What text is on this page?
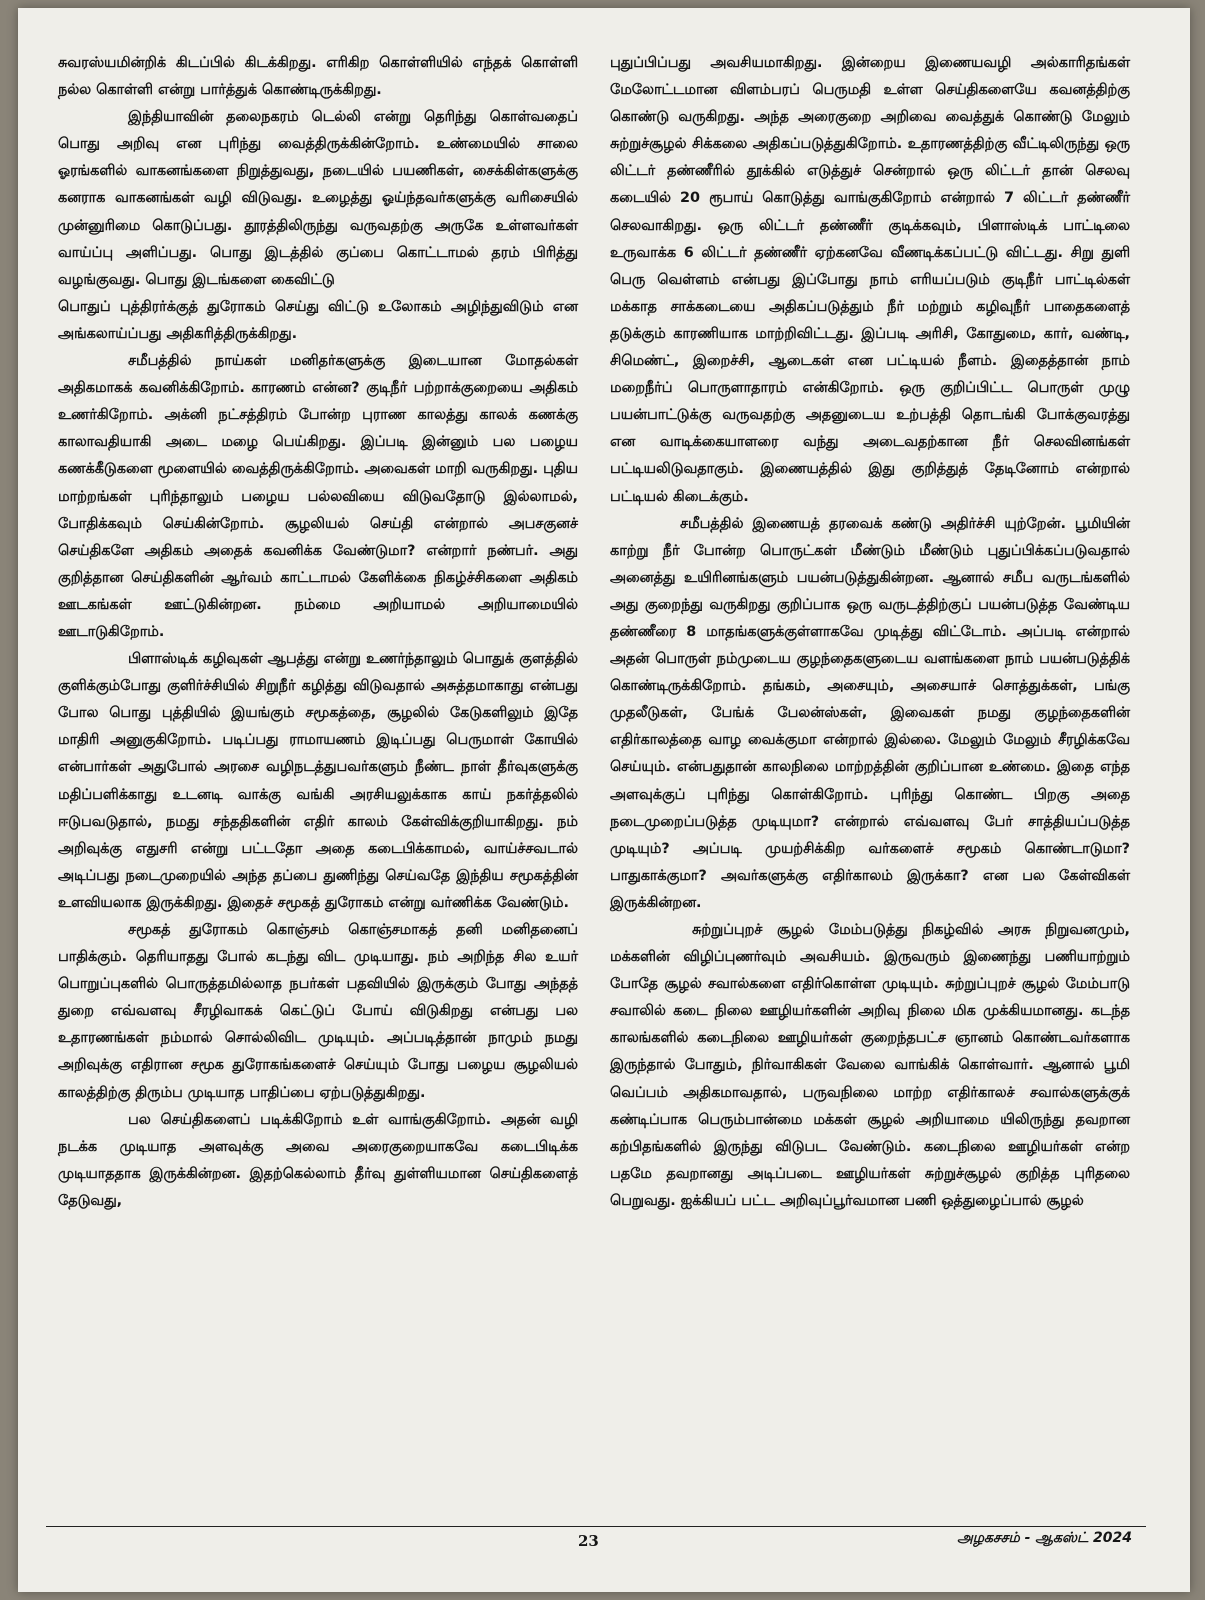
சுவரஸ்யமின்றிக் கிடப்பில் கிடக்கிறது. எரிகிற கொள்ளியில் எந்தக் கொள்ளி நல்ல கொள்ளி என்று பார்த்துக் கொண்டிருக்கிறது.

இந்தியாவின் தலைநகரம் டெல்லி என்று தெரிந்து கொள்வதைப் பொது அறிவு என புரிந்து வைத்திருக்கின்றோம். உண்மையில் சாலை ஓரங்களில் வாகனங்களை நிறுத்துவது, நடையில் பயணிகள், சைக்கிள்களுக்கு கனராக வாகனங்கள் வழி விடுவது. உழைத்து ஓய்ந்தவர்களுக்கு வரிசையில் முன்னுரிமை கொடுப்பது. தூரத்திலிருந்து வருவதற்கு அருகே உள்ளவர்கள் வாய்ப்பு அளிப்பது. பொது இடத்தில் குப்பை கொட்டாமல் தரம் பிரித்து வழங்குவது. பொது இடங்களை கைவிட்டு

பொதுப் புத்திரர்க்குத் துரோகம் செய்து விட்டு உலோகம் அழிந்துவிடும் என அங்கலாய்ப்பது அதிகரித்திருக்கிறது.

சமீபத்தில் நாய்கள் மனிதர்களுக்கு இடையான மோதல்கள் அதிகமாகக் கவனிக்கிறோம். காரணம் என்ன? குடிநீர் பற்றாக்குறையை அதிகம் உணர்கிறோம். அக்னி நட்சத்திரம் போன்ற புராண காலத்து காலக் கணக்கு காலாவதியாகி அடை மழை பெய்கிறது. இப்படி இன்னும் பல பழைய கணக்கீடுகளை மூளையில் வைத்திருக்கிறோம். அவைகள் மாறி வருகிறது. புதிய மாற்றங்கள் புரிந்தாலும் பழைய பல்லவியை விடுவதோடு இல்லாமல், போதிக்கவும் செய்கின்றோம். சூழலியல் செய்தி என்றால் அபசகுனச் செய்திகளே அதிகம் அதைக் கவனிக்க வேண்டுமா? என்றார் நண்பர். அது குறித்தான செய்திகளின் ஆர்வம் காட்டாமல் கேளிக்கை நிகழ்ச்சிகளை அதிகம் ஊடகங்கள் ஊட்டுகின்றன. நம்மை அறியாமல் அறியாமையில் ஊடாடுகிறோம்.

பிளாஸ்டிக் கழிவுகள் ஆபத்து என்று உணர்ந்தாலும் பொதுக் குளத்தில் குளிக்கும்போது குளிர்ச்சியில் சிறுநீர் கழித்து விடுவதால் அசுத்தமாகாது என்பது போல பொது புத்தியில் இயங்கும் சமூகத்தை, சூழலில் கேடுகளிலும் இதே மாதிரி அனுகுகிறோம். படிப்பது ராமாயணம் இடிப்பது பெருமாள் கோயில் என்பார்கள் அதுபோல் அரசை வழிநடத்துபவர்களும் நீண்ட நாள் தீர்வுகளுக்கு மதிப்பளிக்காது உடனடி வாக்கு வங்கி அரசியலுக்காக காய் நகர்த்தலில் ஈடுபவடுதால், நமது சந்ததிகளின் எதிர் காலம் கேள்விக்குறியாகிறது. நம் அறிவுக்கு எதுசரி என்று பட்டதோ அதை கடைபிக்காமல், வாய்ச்சவடால் அடிப்பது நடைமுறையில் அந்த தப்பை துணிந்து செய்வதே இந்திய சமூகத்தின் உளவியலாக இருக்கிறது. இதைச் சமூகத் துரோகம் என்று வர்ணிக்க வேண்டும்.

சமூகத் துரோகம் கொஞ்சம் கொஞ்சமாகத் தனி மனிதனைப் பாதிக்கும். தெரியாதது போல் கடந்து விட முடியாது. நம் அறிந்த சில உயர் பொறுப்புகளில் பொருத்தமில்லாத நபர்கள் பதவியில் இருக்கும் போது அந்தத் துறை எவ்வளவு சீரழிவாகக் கெட்டுப் போய் விடுகிறது என்பது பல உதாரணங்கள் நம்மால் சொல்லிவிட முடியும். அப்படித்தான் நாமும் நமது அறிவுக்கு எதிரான சமூக துரோகங்களைச் செய்யும் போது பழைய சூழலியல் காலத்திற்கு திரும்ப முடியாத பாதிப்பை ஏற்படுத்துகிறது.

பல செய்திகளைப் படிக்கிறோம் உள் வாங்குகிறோம். அதன் வழி நடக்க முடியாத அளவுக்கு அவை அரைகுறையாகவே கடைபிடிக்க முடியாததாக இருக்கின்றன. இதற்கெல்லாம் தீர்வு துள்ளியமான செய்திகளைத் தேடுவது,

புதுப்பிப்பது அவசியமாகிறது. இன்றைய இணையவழி அல்காரிதங்கள் மேலோட்டமான விளம்பரப் பெருமதி உள்ள செய்திகளையே கவனத்திற்கு கொண்டு வருகிறது. அந்த அரைகுறை அறிவை வைத்துக் கொண்டு மேலும் சுற்றுச்சூழல் சிக்கலை அதிகப்படுத்துகிறோம். உதாரணத்திற்கு வீட்டிலிருந்து ஒரு லிட்டர் தண்ணீரில் தூக்கில் எடுத்துச் சென்றால் ஒரு லிட்டர் தான் செலவு கடையில் 20 ரூபாய் கொடுத்து வாங்குகிறோம் என்றால் 7 லிட்டர் தண்ணீர் செலவாகிறது. ஒரு லிட்டர் தண்ணீர் குடிக்கவும், பிளாஸ்டிக் பாட்டிலை உருவாக்க 6 லிட்டர் தண்ணீர் ஏற்கனவே வீணடிக்கப்பட்டு விட்டது. சிறு துளி பெரு வெள்ளம் என்பது இப்போது நாம் எரியப்படும் குடிநீர் பாட்டில்கள் மக்காத சாக்கடையை அதிகப்படுத்தும் நீர் மற்றும் கழிவுநீர் பாதைகளைத் தடுக்கும் காரணியாக மாற்றிவிட்டது. இப்படி அரிசி, கோதுமை, கார், வண்டி, சிமெண்ட், இறைச்சி, ஆடைகள் என பட்டியல் நீளம். இதைத்தான் நாம் மறைநீர்ப் பொருளாதாரம் என்கிறோம். ஒரு குறிப்பிட்ட பொருள் முழு பயன்பாட்டுக்கு வருவதற்கு அதனுடைய உற்பத்தி தொடங்கி போக்குவரத்து என வாடிக்கையாளரை வந்து அடைவதற்கான நீர் செலவினங்கள் பட்டியலிடுவதாகும். இணையத்தில் இது குறித்துத் தேடினோம் என்றால் பட்டியல் கிடைக்கும்.

சமீபத்தில் இணையத் தரவைக் கண்டு அதிர்ச்சி யுற்றேன். பூமியின் காற்று நீர் போன்ற பொருட்கள் மீண்டும் மீண்டும் புதுப்பிக்கப்படுவதால் அனைத்து உயிரினங்களும் பயன்படுத்துகின்றன. ஆனால் சமீப வருடங்களில் அது குறைந்து வருகிறது குறிப்பாக ஒரு வருடத்திற்குப் பயன்படுத்த வேண்டிய தண்ணீரை 8 மாதங்களுக்குள்ளாகவே முடித்து விட்டோம். அப்படி என்றால் அதன் பொருள் நம்முடைய குழந்தைகளுடைய வளங்களை நாம் பயன்படுத்திக் கொண்டிருக்கிறோம். தங்கம், அசையும், அசையாச் சொத்துக்கள், பங்கு முதலீடுகள், பேங்க் பேலன்ஸ்கள், இவைகள் நமது குழந்தைகளின் எதிர்காலத்தை வாழ வைக்குமா என்றால் இல்லை. மேலும் மேலும் சீரழிக்கவே செய்யும். என்பதுதான் காலநிலை மாற்றத்தின் குறிப்பான உண்மை. இதை எந்த அளவுக்குப் புரிந்து கொள்கிறோம். புரிந்து கொண்ட பிறகு அதை நடைமுறைப்படுத்த முடியுமா? என்றால் எவ்வளவு பேர் சாத்தியப்படுத்த முடியும்? அப்படி முயற்சிக்கிற வர்களைச் சமூகம் கொண்டாடுமா? பாதுகாக்குமா? அவர்களுக்கு எதிர்காலம் இருக்கா? என பல கேள்விகள் இருக்கின்றன.

சுற்றுப்புறச் சூழல் மேம்படுத்து நிகழ்வில் அரசு நிறுவனமும், மக்களின் விழிப்புணர்வும் அவசியம். இருவரும் இணைந்து பணியாற்றும் போதே சூழல் சவால்களை எதிர்கொள்ள முடியும். சுற்றுப்புறச் சூழல் மேம்பாடு சவாலில் கடை நிலை ஊழியர்களின் அறிவு நிலை மிக முக்கியமானது. கடந்த காலங்களில் கடைநிலை ஊழியர்கள் குறைந்தபட்ச ஞானம் கொண்டவர்களாக இருந்தால் போதும், நிர்வாகிகள் வேலை வாங்கிக் கொள்வார். ஆனால் பூமி வெப்பம் அதிகமாவதால், பருவநிலை மாற்ற எதிர்காலச் சவால்களுக்குக் கண்டிப்பாக பெரும்பான்மை மக்கள் சூழல் அறியாமை யிலிருந்து தவறான கற்பிதங்களில் இருந்து விடுபட வேண்டும். கடைநிலை ஊழியர்கள் என்ற பதமே தவறானது அடிப்படை ஊழியர்கள் சுற்றுச்சூழல் குறித்த புரிதலை பெறுவது. ஐக்கியப் பட்ட அறிவுப்பூர்வமான பணி ஒத்துழைப்பால் சூழல்

23	அழகசசம் - ஆகஸ்ட் 2024
